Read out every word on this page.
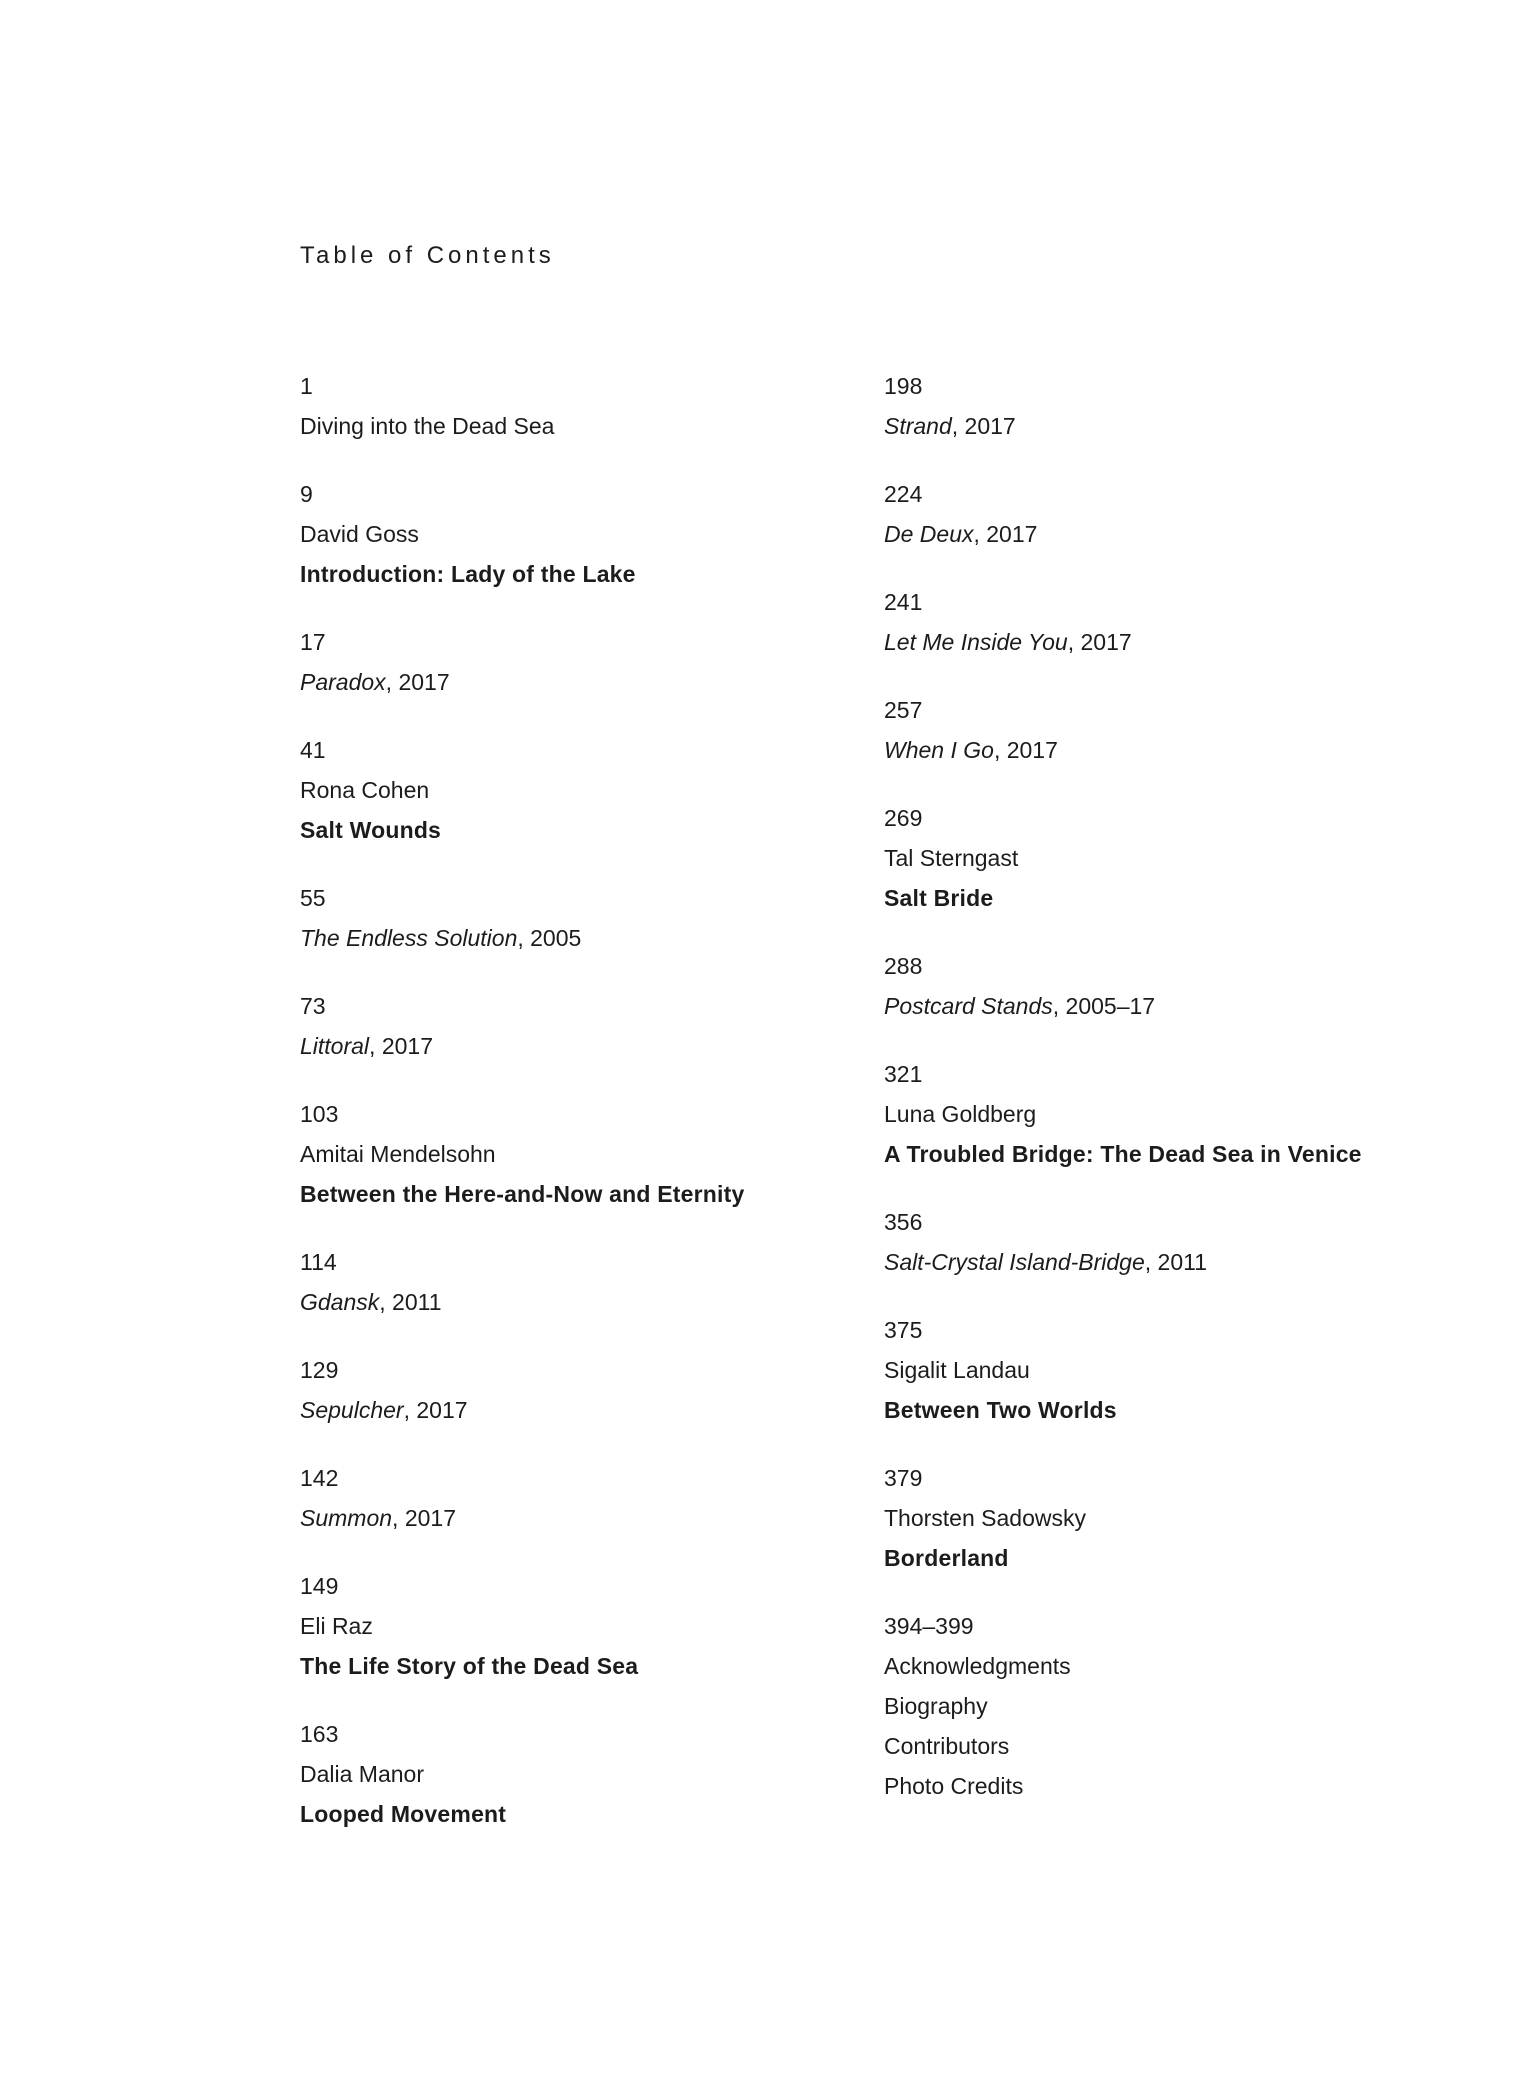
Table of Contents
1
Diving into the Dead Sea
9
David Goss
Introduction: Lady of the Lake
17
Paradox, 2017
41
Rona Cohen
Salt Wounds
55
The Endless Solution, 2005
73
Littoral, 2017
103
Amitai Mendelsohn
Between the Here-and-Now and Eternity
114
Gdansk, 2011
129
Sepulcher, 2017
142
Summon, 2017
149
Eli Raz
The Life Story of the Dead Sea
163
Dalia Manor
Looped Movement
198
Strand, 2017
224
De Deux, 2017
241
Let Me Inside You, 2017
257
When I Go, 2017
269
Tal Sterngast
Salt Bride
288
Postcard Stands, 2005–17
321
Luna Goldberg
A Troubled Bridge: The Dead Sea in Venice
356
Salt-Crystal Island-Bridge, 2011
375
Sigalit Landau
Between Two Worlds
379
Thorsten Sadowsky
Borderland
394–399
Acknowledgments
Biography
Contributors
Photo Credits
